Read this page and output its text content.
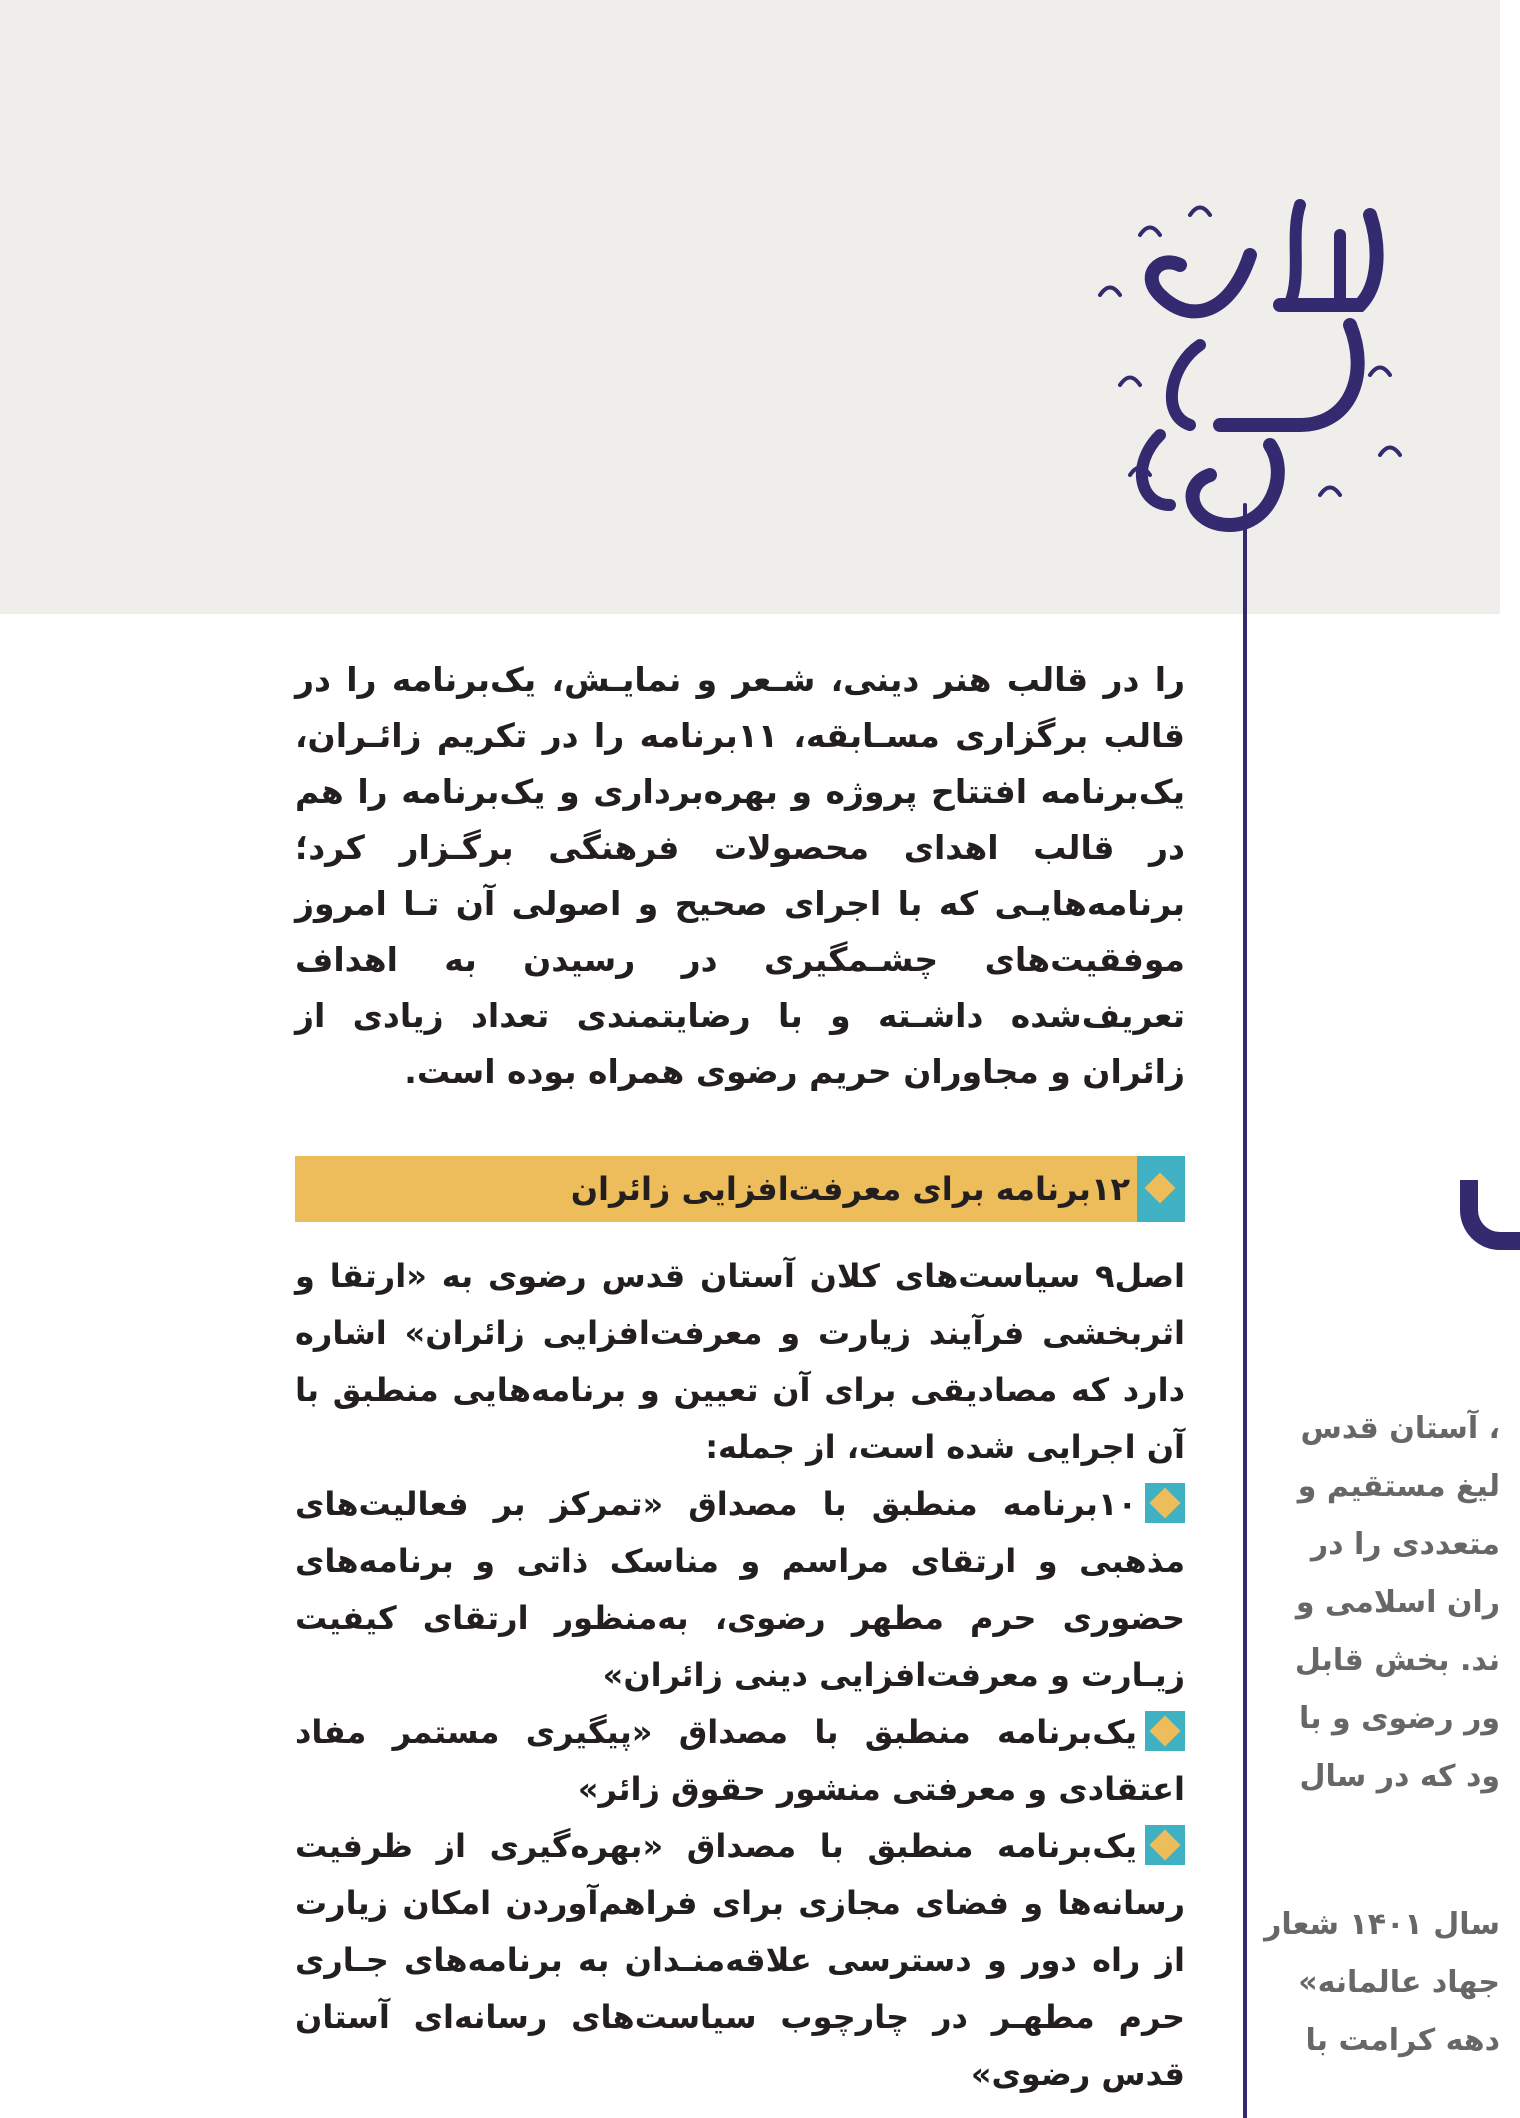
را در قالب هنر دینی، شـعر و نمایـش، یک‌برنامه را در قالب برگزاری مسـابقه، ۱۱برنامه را در تکریم زائـران، یک‌برنامه افتتاح پروژه و بهره‌برداری و یک‌برنامه را هم در قالب اهدای محصولات فرهنگی برگـزار کرد؛ برنامه‌هایـی که با اجرای صحیح و اصولی آن تـا امروز موفقیت‌های چشـمگیری در رسیدن به اهداف تعریف‌شده داشـته و با رضایتمندی تعداد زیادی از زائران و مجاوران حریم رضوی همراه بوده است.

۱۲برنامه برای معرفت‌افزایی زائران

اصل۹ سیاست‌های کلان آستان قدس رضوی به «ارتقا و اثربخشی فرآیند زیارت و معرفت‌افزایی زائران» اشاره دارد که مصادیقی برای آن تعیین و برنامه‌هایی منطبق با آن اجرایی شده است، از جمله:

۱۰برنامه منطبق با مصداق «تمرکز بر فعالیت‌های مذهبی و ارتقای مراسم و مناسک ذاتی و برنامه‌های حضوری حرم مطهر رضوی، به‌منظور ارتقای کیفیت زیـارت و معرفت‌افزایی دینی زائران»

یک‌برنامه منطبق با مصداق «پیگیری مستمر مفاد اعتقادی و معرفتی منشور حقوق زائر»

یک‌برنامه منطبق با مصداق «بهره‌گیری از ظرفیت رسانه‌ها و فضای مجازی برای فراهم‌آوردن امکان زیارت از راه دور و دسترسی علاقه‌منـدان به برنامه‌های جـاری حرم مطهـر در چارچوب سیاست‌های رسانه‌ای آستان قدس رضوی»

، آستان قدس
لیغ مستقیم و
متعددی را در
ران اسلامی و
ند. بخش قابل
ور رضوی و با
ود که در سال
سال ۱۴۰۱ شعار
جهاد عالمانه»
دهه کرامت با
